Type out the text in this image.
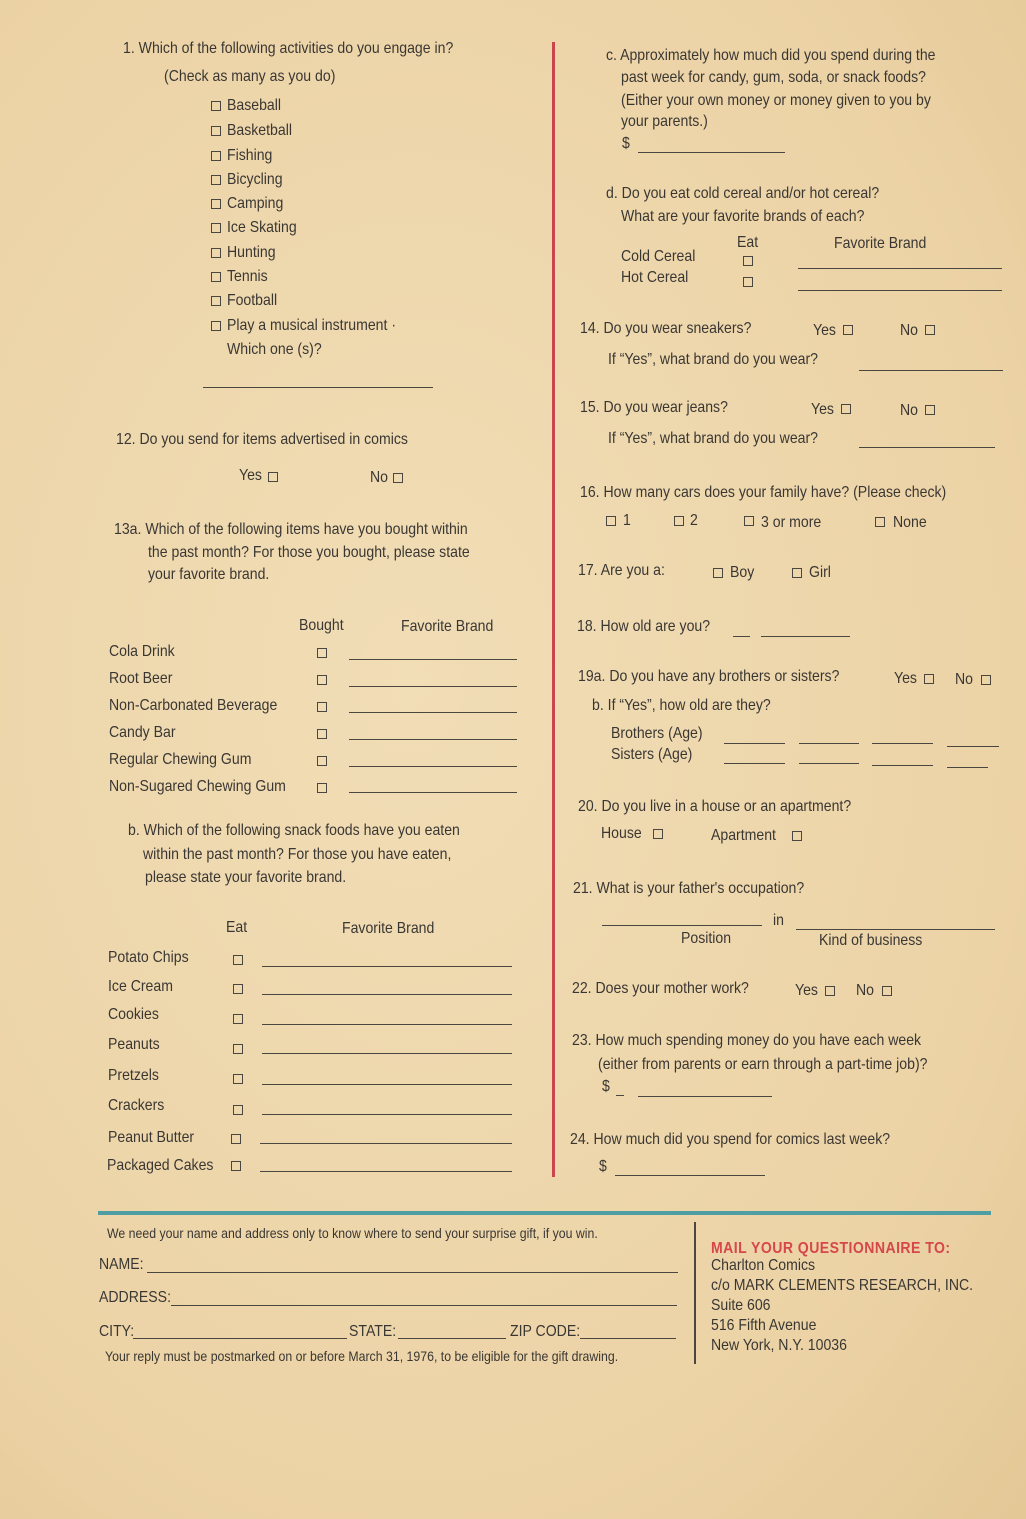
1. Which of the following activities do you engage in?
(Check as many as you do)
Baseball
Basketball
Fishing
Bicycling
Camping
Ice Skating
Hunting
Tennis
Football
Play a musical instrument ·
Which one (s)?
12. Do you send for items advertised in comics
Yes	No
13a. Which of the following items have you bought within
the past month? For those you bought, please state
your favorite brand.
Bought	Favorite Brand
Cola Drink
Root Beer
Non-Carbonated Beverage
Candy Bar
Regular Chewing Gum
Non-Sugared Chewing Gum
b. Which of the following snack foods have you eaten
within the past month? For those you have eaten,
please state your favorite brand.
Eat	Favorite Brand
Potato Chips
Ice Cream
Cookies
Peanuts
Pretzels
Crackers
Peanut Butter
Packaged Cakes
c. Approximately how much did you spend during the
past week for candy, gum, soda, or snack foods?
(Either your own money or money given to you by
your parents.)
$
d. Do you eat cold cereal and/or hot cereal?
What are your favorite brands of each?
Eat	Favorite Brand
Cold Cereal
Hot Cereal
14. Do you wear sneakers?	Yes	No
If “Yes”, what brand do you wear?
15. Do you wear jeans?	Yes	No
If “Yes”, what brand do you wear?
16. How many cars does your family have? (Please check)
1	2	3 or more	None
17. Are you a:	Boy	Girl
18. How old are you?
19a. Do you have any brothers or sisters?	Yes No
b. If “Yes”, how old are they?
Brothers (Age)
Sisters (Age)
20. Do you live in a house or an apartment?
House	Apartment
21. What is your father's occupation?
in
Position	Kind of business
22. Does your mother work?	Yes No
23. How much spending money do you have each week
(either from parents or earn through a part-time job)?
$
24. How much did you spend for comics last week?
$
We need your name and address only to know where to send your surprise gift, if you win.
NAME:
ADDRESS:
CITY:	STATE:	ZIP CODE:
Your reply must be postmarked on or before March 31, 1976, to be eligible for the gift drawing.
MAIL YOUR QUESTIONNAIRE TO:
Charlton Comics
c/o MARK CLEMENTS RESEARCH, INC.
Suite 606
516 Fifth Avenue
New York, N.Y. 10036
